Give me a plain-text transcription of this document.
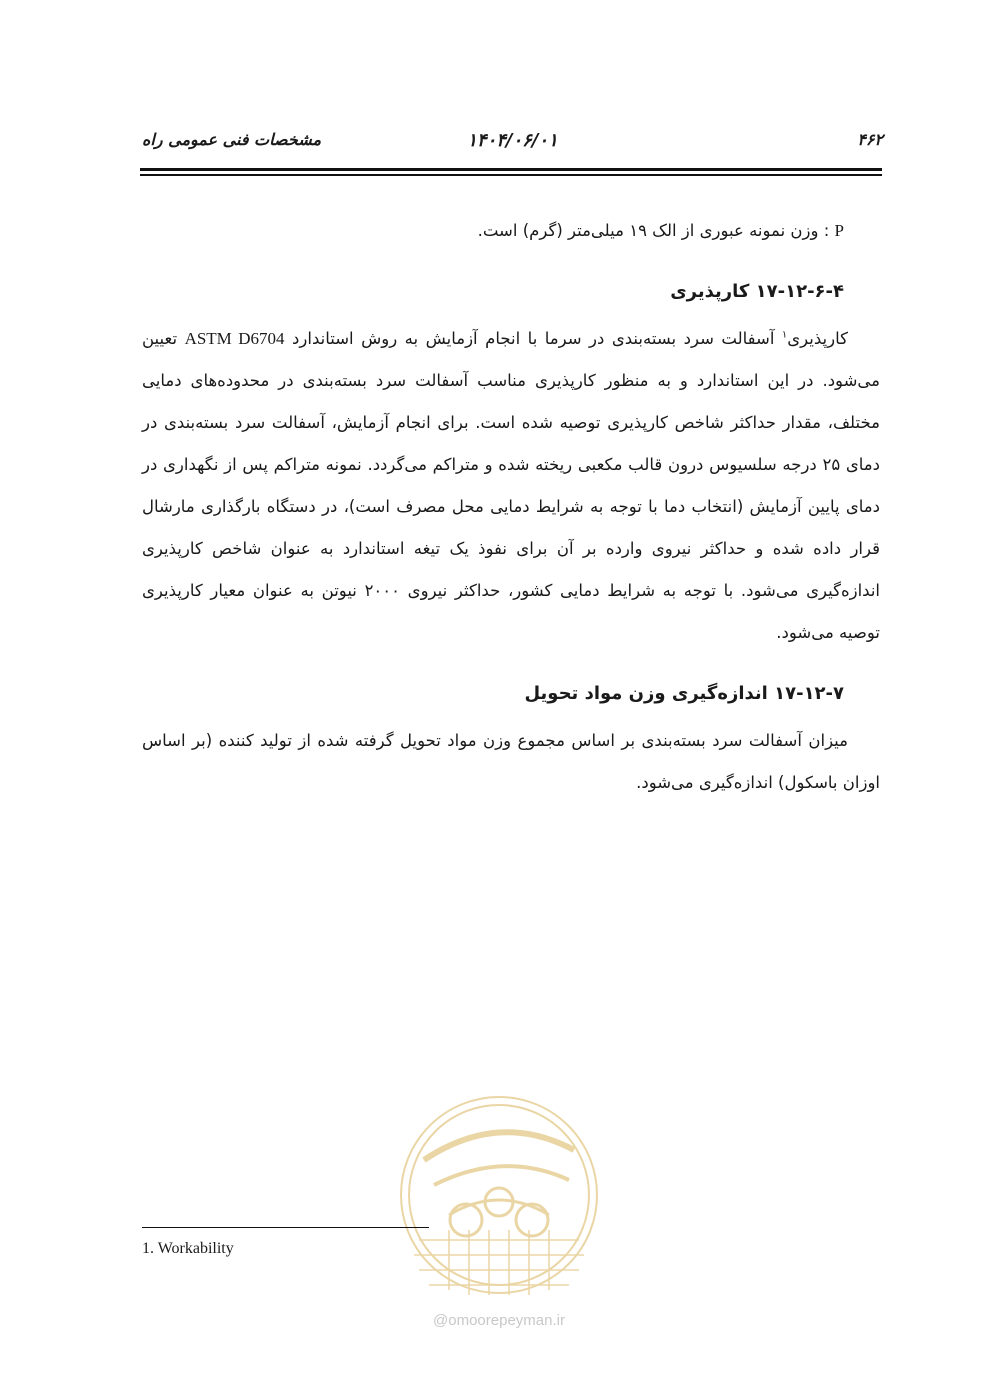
۴۶۲
۱۴۰۴/۰۶/۰۱
مشخصات فنی عمومی راه

P : وزن نمونه عبوری از الک ۱۹ میلی‌متر (گرم) است.

۱۷-۱۲-۶-۴ کارپذیری

کارپذیری$^۱$ آسفالت سرد بسته‌بندی در سرما با انجام آزمایش به روش استاندارد ASTM D6704 تعیین می‌شود. در این استاندارد و به منظور کارپذیری مناسب آسفالت سرد بسته‌بندی در محدوده‌های دمایی مختلف، مقدار حداکثر شاخص کارپذیری توصیه شده است. برای انجام آزمایش، آسفالت سرد بسته‌بندی در دمای ۲۵ درجه سلسیوس درون قالب مکعبی ریخته شده و متراکم می‌گردد. نمونه متراکم پس از نگهداری در دمای پایین آزمایش (انتخاب دما با توجه به شرایط دمایی محل مصرف است)، در دستگاه بارگذاری مارشال قرار داده شده و حداکثر نیروی وارده بر آن برای نفوذ یک تیغه استاندارد به عنوان شاخص کارپذیری اندازه‌گیری می‌شود. با توجه به شرایط دمایی کشور، حداکثر نیروی ۲۰۰۰ نیوتن به عنوان معیار کارپذیری توصیه می‌شود.

۱۷-۱۲-۷ اندازه‌گیری وزن مواد تحویل

میزان آسفالت سرد بسته‌بندی بر اساس مجموع وزن مواد تحویل گرفته شده از تولید کننده (بر اساس اوزان باسکول) اندازه‌گیری می‌شود.

@omoorepeyman.ir
1. Workability
